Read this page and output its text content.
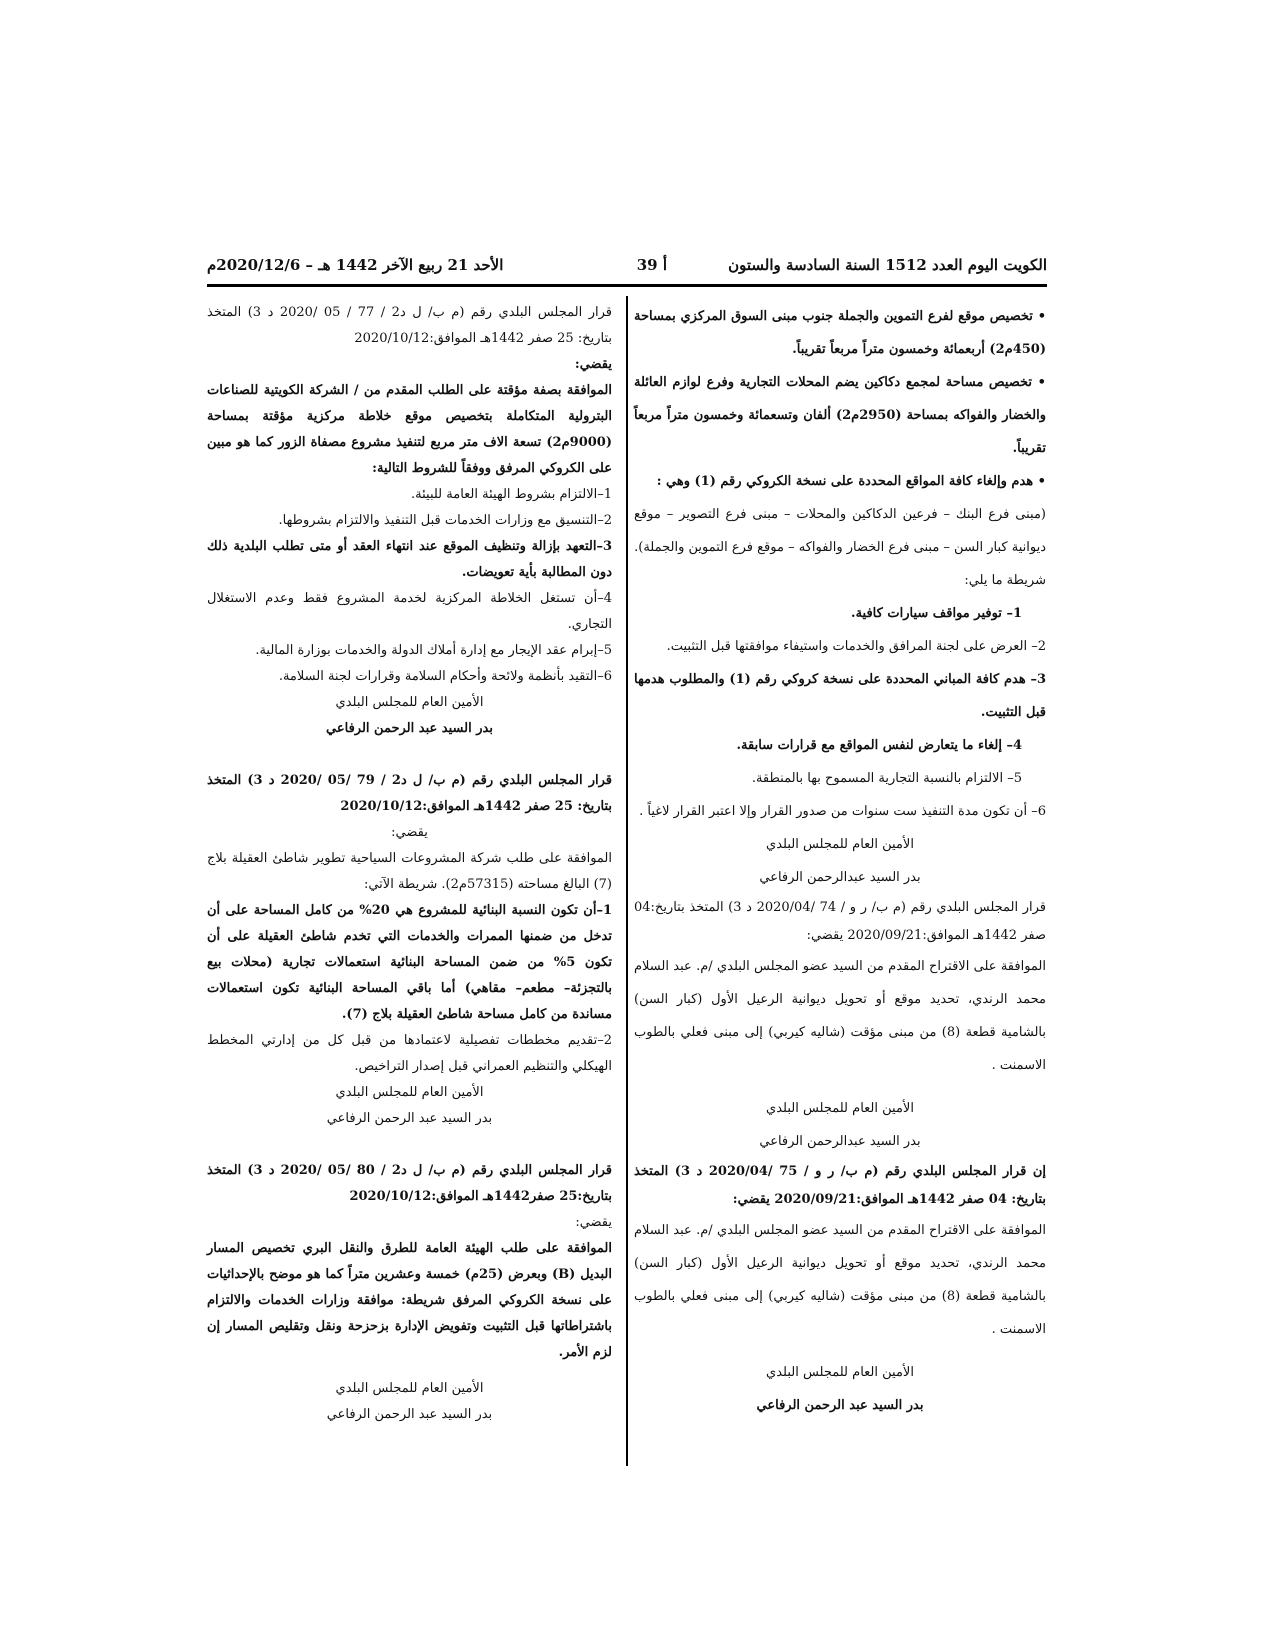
الكويت اليوم العدد 1512 السنة السادسة والستون
أ 39
الأحد 21 ربيع الآخر 1442 هـ – 2020/12/6م

• تخصيص موقع لفرع التموين والجملة جنوب مبنى السوق المركزي بمساحة (450م2) أربعمائة وخمسون متراً مربعاً تقريباً.

• تخصيص مساحة لمجمع دكاكين يضم المحلات التجارية وفرع لوازم العائلة والخضار والفواكه بمساحة (2950م2) ألفان وتسعمائة وخمسون متراً مربعاً تقريباً.

• هدم وإلغاء كافة المواقع المحددة على نسخة الكروكي رقم (1) وهي :

(مبنى فرع البنك – فرعين الدكاكين والمحلات – مبنى فرع التصوير – موقع ديوانية كبار السن – مبنى فرع الخضار والفواكه – موقع فرع التموين والجملة).

شريطة ما يلي:

1– توفير مواقف سيارات كافية.

2– العرض على لجنة المرافق والخدمات واستيفاء موافقتها قبل التثبيت.

3– هدم كافة المباني المحددة على نسخة كروكي رقم (1) والمطلوب هدمها قبل التثبيت.

4– إلغاء ما يتعارض لنفس المواقع مع قرارات سابقة.

5– الالتزام بالنسبة التجارية المسموح بها بالمنطقة.

6– أن تكون مدة التنفيذ ست سنوات من صدور القرار وإلا اعتبر القرار لاغياً .

الأمين العام للمجلس البلدي

بدر السيد عبدالرحمن الرفاعي

قرار المجلس البلدي رقم (م ب/ ر و / 74 /2020/04 د 3) المتخذ بتاريخ:04 صفر 1442هـ الموافق:2020/09/21 يقضي:

الموافقة على الاقتراح المقدم من السيد عضو المجلس البلدي /م. عبد السلام محمد الرندي، تحديد موقع أو تحويل ديوانية الرعيل الأول (كبار السن) بالشامية قطعة (8) من مبنى مؤقت (شاليه كيربي) إلى مبنى فعلي بالطوب الاسمنت .

الأمين العام للمجلس البلدي

بدر السيد عبدالرحمن الرفاعي

إن قرار المجلس البلدي رقم (م ب/ ر و / 75 /2020/04 د 3) المتخذ بتاريخ: 04 صفر 1442هـ الموافق:2020/09/21 يقضي:

الموافقة على الاقتراح المقدم من السيد عضو المجلس البلدي /م. عبد السلام محمد الرندي، تحديد موقع أو تحويل ديوانية الرعيل الأول (كبار السن) بالشامية قطعة (8) من مبنى مؤقت (شاليه كيربي) إلى مبنى فعلي بالطوب الاسمنت .

الأمين العام للمجلس البلدي

بدر السيد عبد الرحمن الرفاعي

قرار المجلس البلدي رقم (م ب/ ل د2 / 77 / 05 /2020 د 3) المتخذ بتاريخ: 25 صفر 1442هـ الموافق:2020/10/12

يقضي:

الموافقة بصفة مؤقتة على الطلب المقدم من / الشركة الكويتية للصناعات البترولية المتكاملة بتخصيص موقع خلاطة مركزية مؤقتة بمساحة (9000م2) تسعة الاف متر مربع لتنفيذ مشروع مصفاة الزور كما هو مبين على الكروكي المرفق ووفقاً للشروط التالية:

1–الالتزام بشروط الهيئة العامة للبيئة.

2–التنسيق مع وزارات الخدمات قبل التنفيذ والالتزام بشروطها.

3–التعهد بإزالة وتنظيف الموقع عند انتهاء العقد أو متى تطلب البلدية ذلك دون المطالبة بأية تعويضات.

4–أن تستغل الخلاطة المركزية لخدمة المشروع فقط وعدم الاستغلال التجاري.

5–إبرام عقد الإيجار مع إدارة أملاك الدولة والخدمات بوزارة المالية.

6–التقيد بأنظمة ولائحة وأحكام السلامة وقرارات لجنة السلامة.

الأمين العام للمجلس البلدي

بدر السيد عبد الرحمن الرفاعي

قرار المجلس البلدي رقم (م ب/ ل د2 / 79 /05 /2020 د 3) المتخذ بتاريخ: 25 صفر 1442هـ الموافق:2020/10/12

يقضي:

الموافقة على طلب شركة المشروعات السياحية تطوير شاطئ العقيلة بلاج (7) البالغ مساحته (57315م2). شريطة الآتي:

1–أن تكون النسبة البنائية للمشروع هي 20% من كامل المساحة على أن تدخل من ضمنها الممرات والخدمات التي تخدم شاطئ العقيلة على أن تكون 5% من ضمن المساحة البنائية استعمالات تجارية (محلات بيع بالتجزئة– مطعم– مقاهي) أما باقي المساحة البنائية تكون استعمالات مساندة من كامل مساحة شاطئ العقيلة بلاج (7).

2–تقديم مخططات تفصيلية لاعتمادها من قبل كل من إدارتي المخطط الهيكلي والتنظيم العمراني قبل إصدار التراخيص.

الأمين العام للمجلس البلدي

بدر السيد عبد الرحمن الرفاعي

قرار المجلس البلدي رقم (م ب/ ل د2 / 80 /05 /2020 د 3) المتخذ بتاريخ:25 صفر1442هـ الموافق:2020/10/12

يقضي:

الموافقة على طلب الهيئة العامة للطرق والنقل البري تخصيص المسار البديل (B) وبعرض (25م) خمسة وعشرين متراً كما هو موضح بالإحداثيات على نسخة الكروكي المرفق شريطة: موافقة وزارات الخدمات والالتزام باشتراطاتها قبل التثبيت وتفويض الإدارة بزحزحة ونقل وتقليص المسار إن لزم الأمر.

الأمين العام للمجلس البلدي

بدر السيد عبد الرحمن الرفاعي
